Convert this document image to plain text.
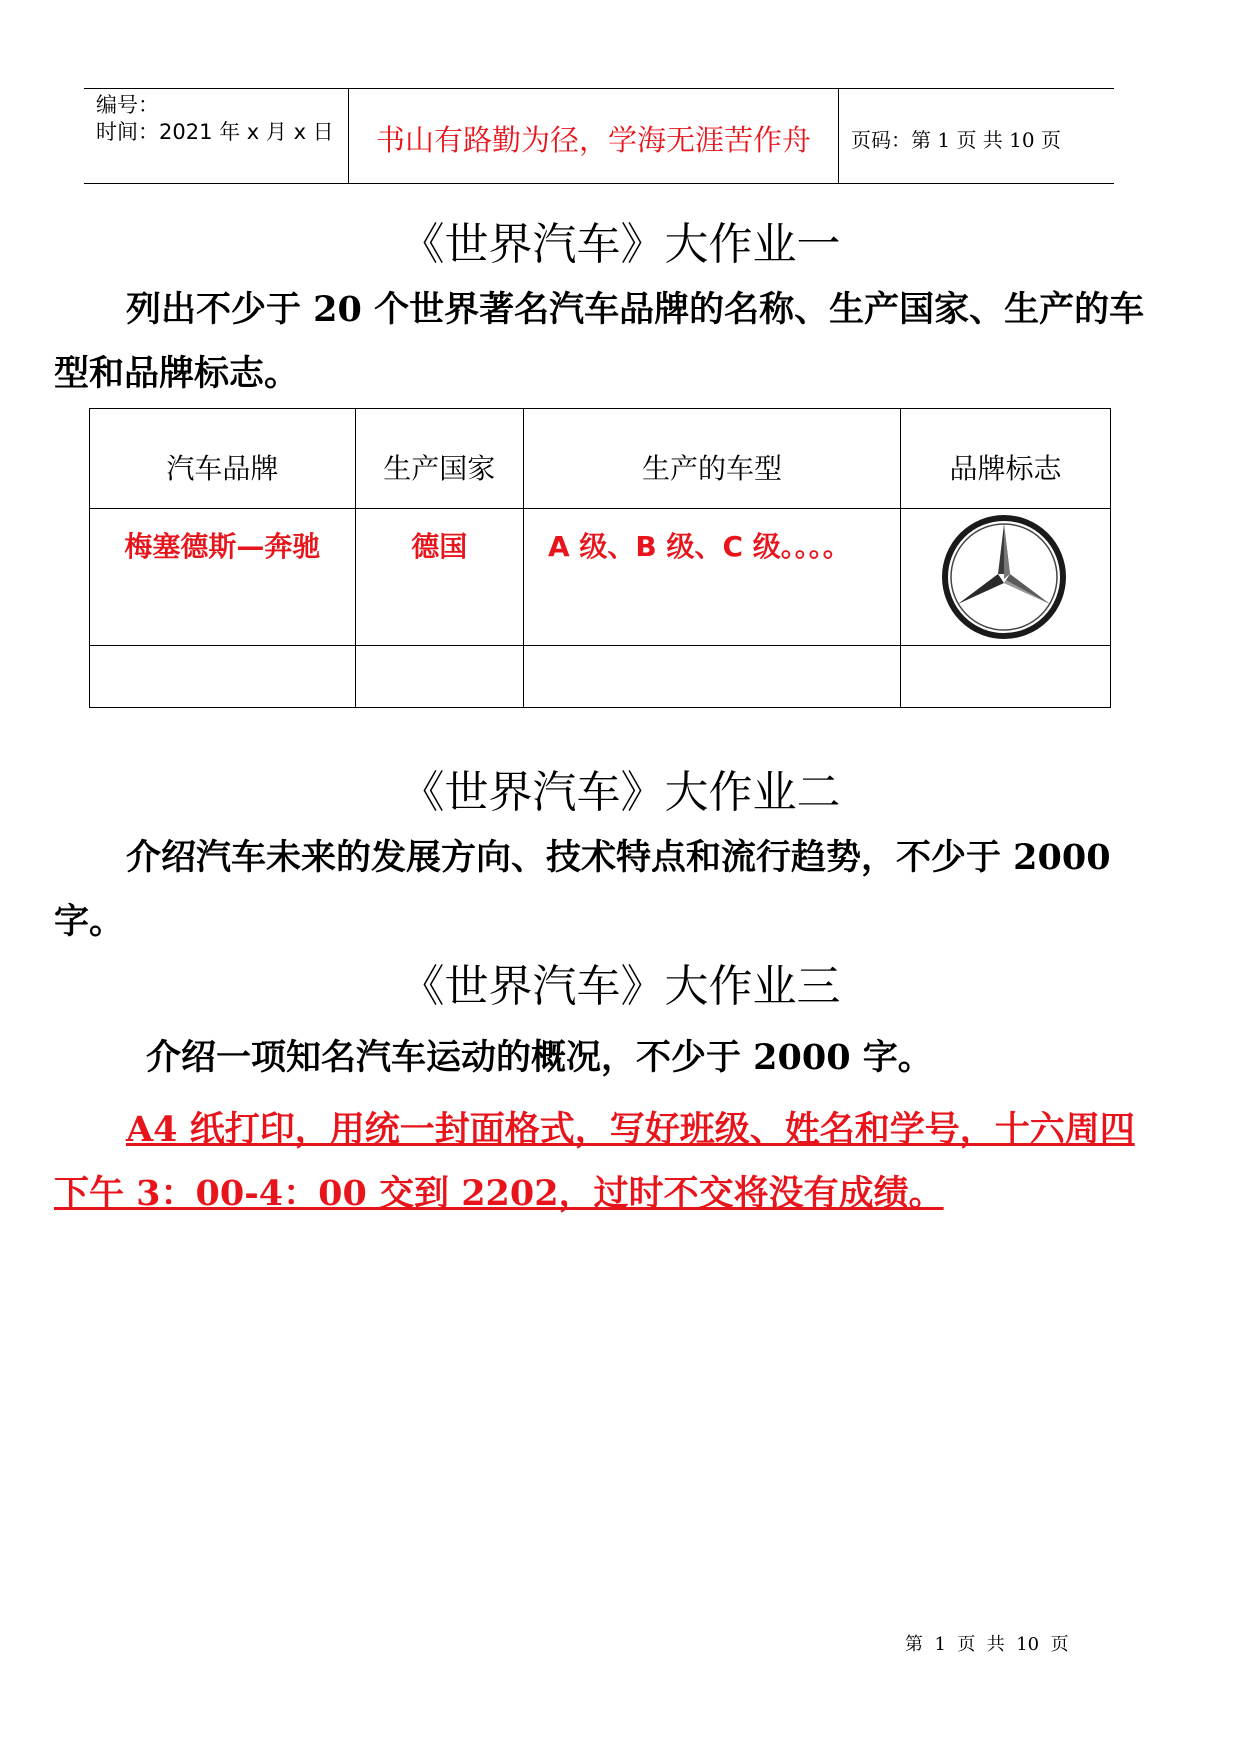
编号：
时间：2021 年 x 月 x 日	书山有路勤为径，学海无涯苦作舟	页码：第 1 页 共 10 页
《世界汽车》大作业一
列出不少于 20 个世界著名汽车品牌的名称、生产国家、生产的车型和品牌标志。
汽车品牌	生产国家	生产的车型	品牌标志
梅塞德斯—奔驰	德国	A 级、B 级、C 级。。。。	

《世界汽车》大作业二
介绍汽车未来的发展方向、技术特点和流行趋势，不少于 2000 字。
《世界汽车》大作业三
介绍一项知名汽车运动的概况，不少于 2000 字。
A4 纸打印，用统一封面格式，写好班级、姓名和学号，十六周四下午 3：00-4：00 交到 2202，过时不交将没有成绩。
第  1  页  共  10  页
